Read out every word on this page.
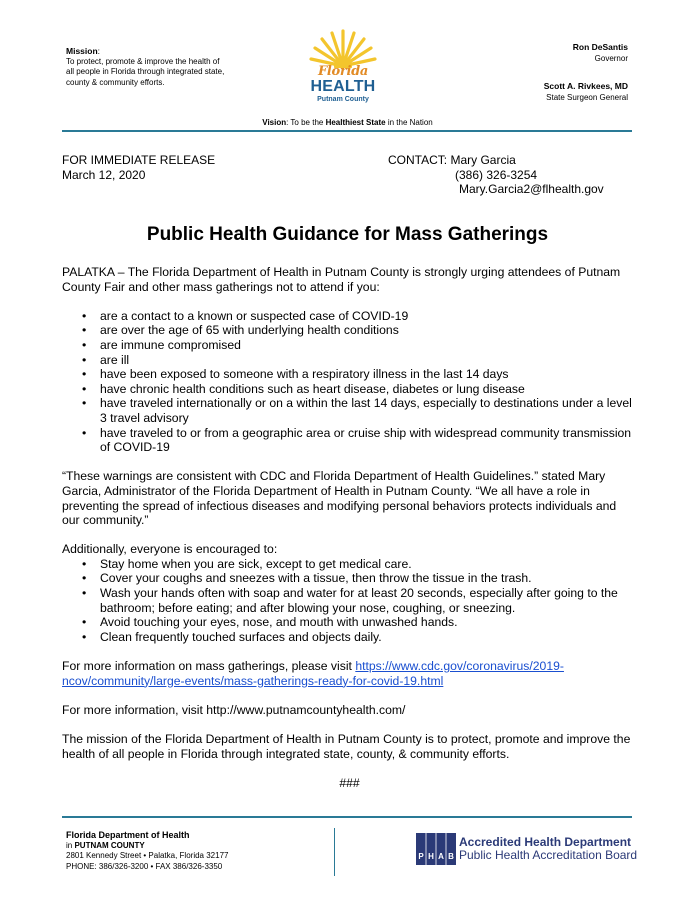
Mission :
To protect, promote & improve the health of all people in Florida through integrated state, county & community efforts.
Florida
HEALTH
Putnam County
Ron DeSantis
Governor
Scott A. Rivkees, MD
State Surgeon General
Vision: To be the Healthiest State in the Nation
FOR IMMEDIATE RELEASE
March 12, 2020
CONTACT: Mary Garcia
(386) 326-3254
Mary.Garcia2@flhealth.gov
Public Health Guidance for Mass Gatherings

PALATKA – The Florida Department of Health in Putnam County is strongly urging attendees of Putnam County Fair and other mass gatherings not to attend if you:

• are a contact to a known or suspected case of COVID-19
• are over the age of 65 with underlying health conditions
• are immune compromised
• are ill
• have been exposed to someone with a respiratory illness in the last 14 days
• have chronic health conditions such as heart disease, diabetes or lung disease
• have traveled internationally or on a within the last 14 days, especially to destinations under a level 3 travel advisory
• have traveled to or from a geographic area or cruise ship with widespread community transmission of COVID-19

“These warnings are consistent with CDC and Florida Department of Health Guidelines.” stated Mary Garcia, Administrator of the Florida Department of Health in Putnam County. “We all have a role in preventing the spread of infectious diseases and modifying personal behaviors protects individuals and our community.”

Additionally, everyone is encouraged to:

• Stay home when you are sick, except to get medical care.
• Cover your coughs and sneezes with a tissue, then throw the tissue in the trash.
• Wash your hands often with soap and water for at least 20 seconds, especially after going to the bathroom; before eating; and after blowing your nose, coughing, or sneezing.
• Avoid touching your eyes, nose, and mouth with unwashed hands.
• Clean frequently touched surfaces and objects daily.

For more information on mass gatherings, please visit https://www.cdc.gov/coronavirus/2019-ncov/community/large-events/mass-gatherings-ready-for-covid-19.html

For more information, visit http://www.putnamcountyhealth.com/

The mission of the Florida Department of Health in Putnam County is to protect, promote and improve the health of all people in Florida through integrated state, county, & community efforts.

###

Florida Department of Health
in PUTNAM COUNTY
2801 Kennedy Street • Palatka, Florida 32177
PHONE: 386/326-3200 • FAX 386/326-3350
P H A B
Accredited Health Department
Public Health Accreditation Board
